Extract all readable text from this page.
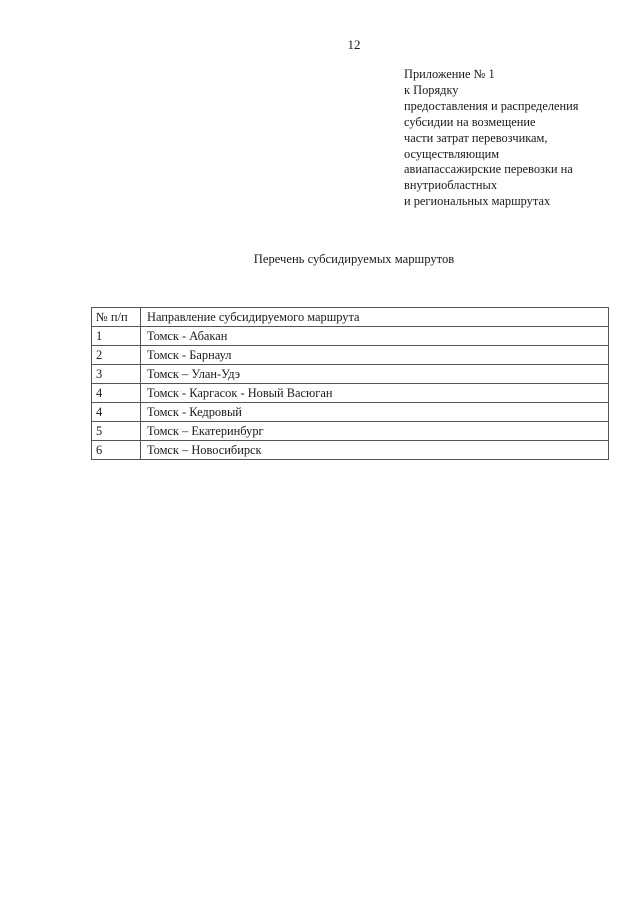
12
Приложение № 1
к Порядку
предоставления и распределения
субсидии на возмещение
части затрат перевозчикам,
осуществляющим
авиапассажирские перевозки на
внутриобластных
и региональных маршрутах
Перечень субсидируемых маршрутов
№ п/п	Направление субсидируемого маршрута
1	Томск - Абакан
2	Томск - Барнаул
3	Томск – Улан-Удэ
4	Томск - Каргасок - Новый Васюган
4	Томск - Кедровый
5	Томск – Екатеринбург
6	Томск – Новосибирск
